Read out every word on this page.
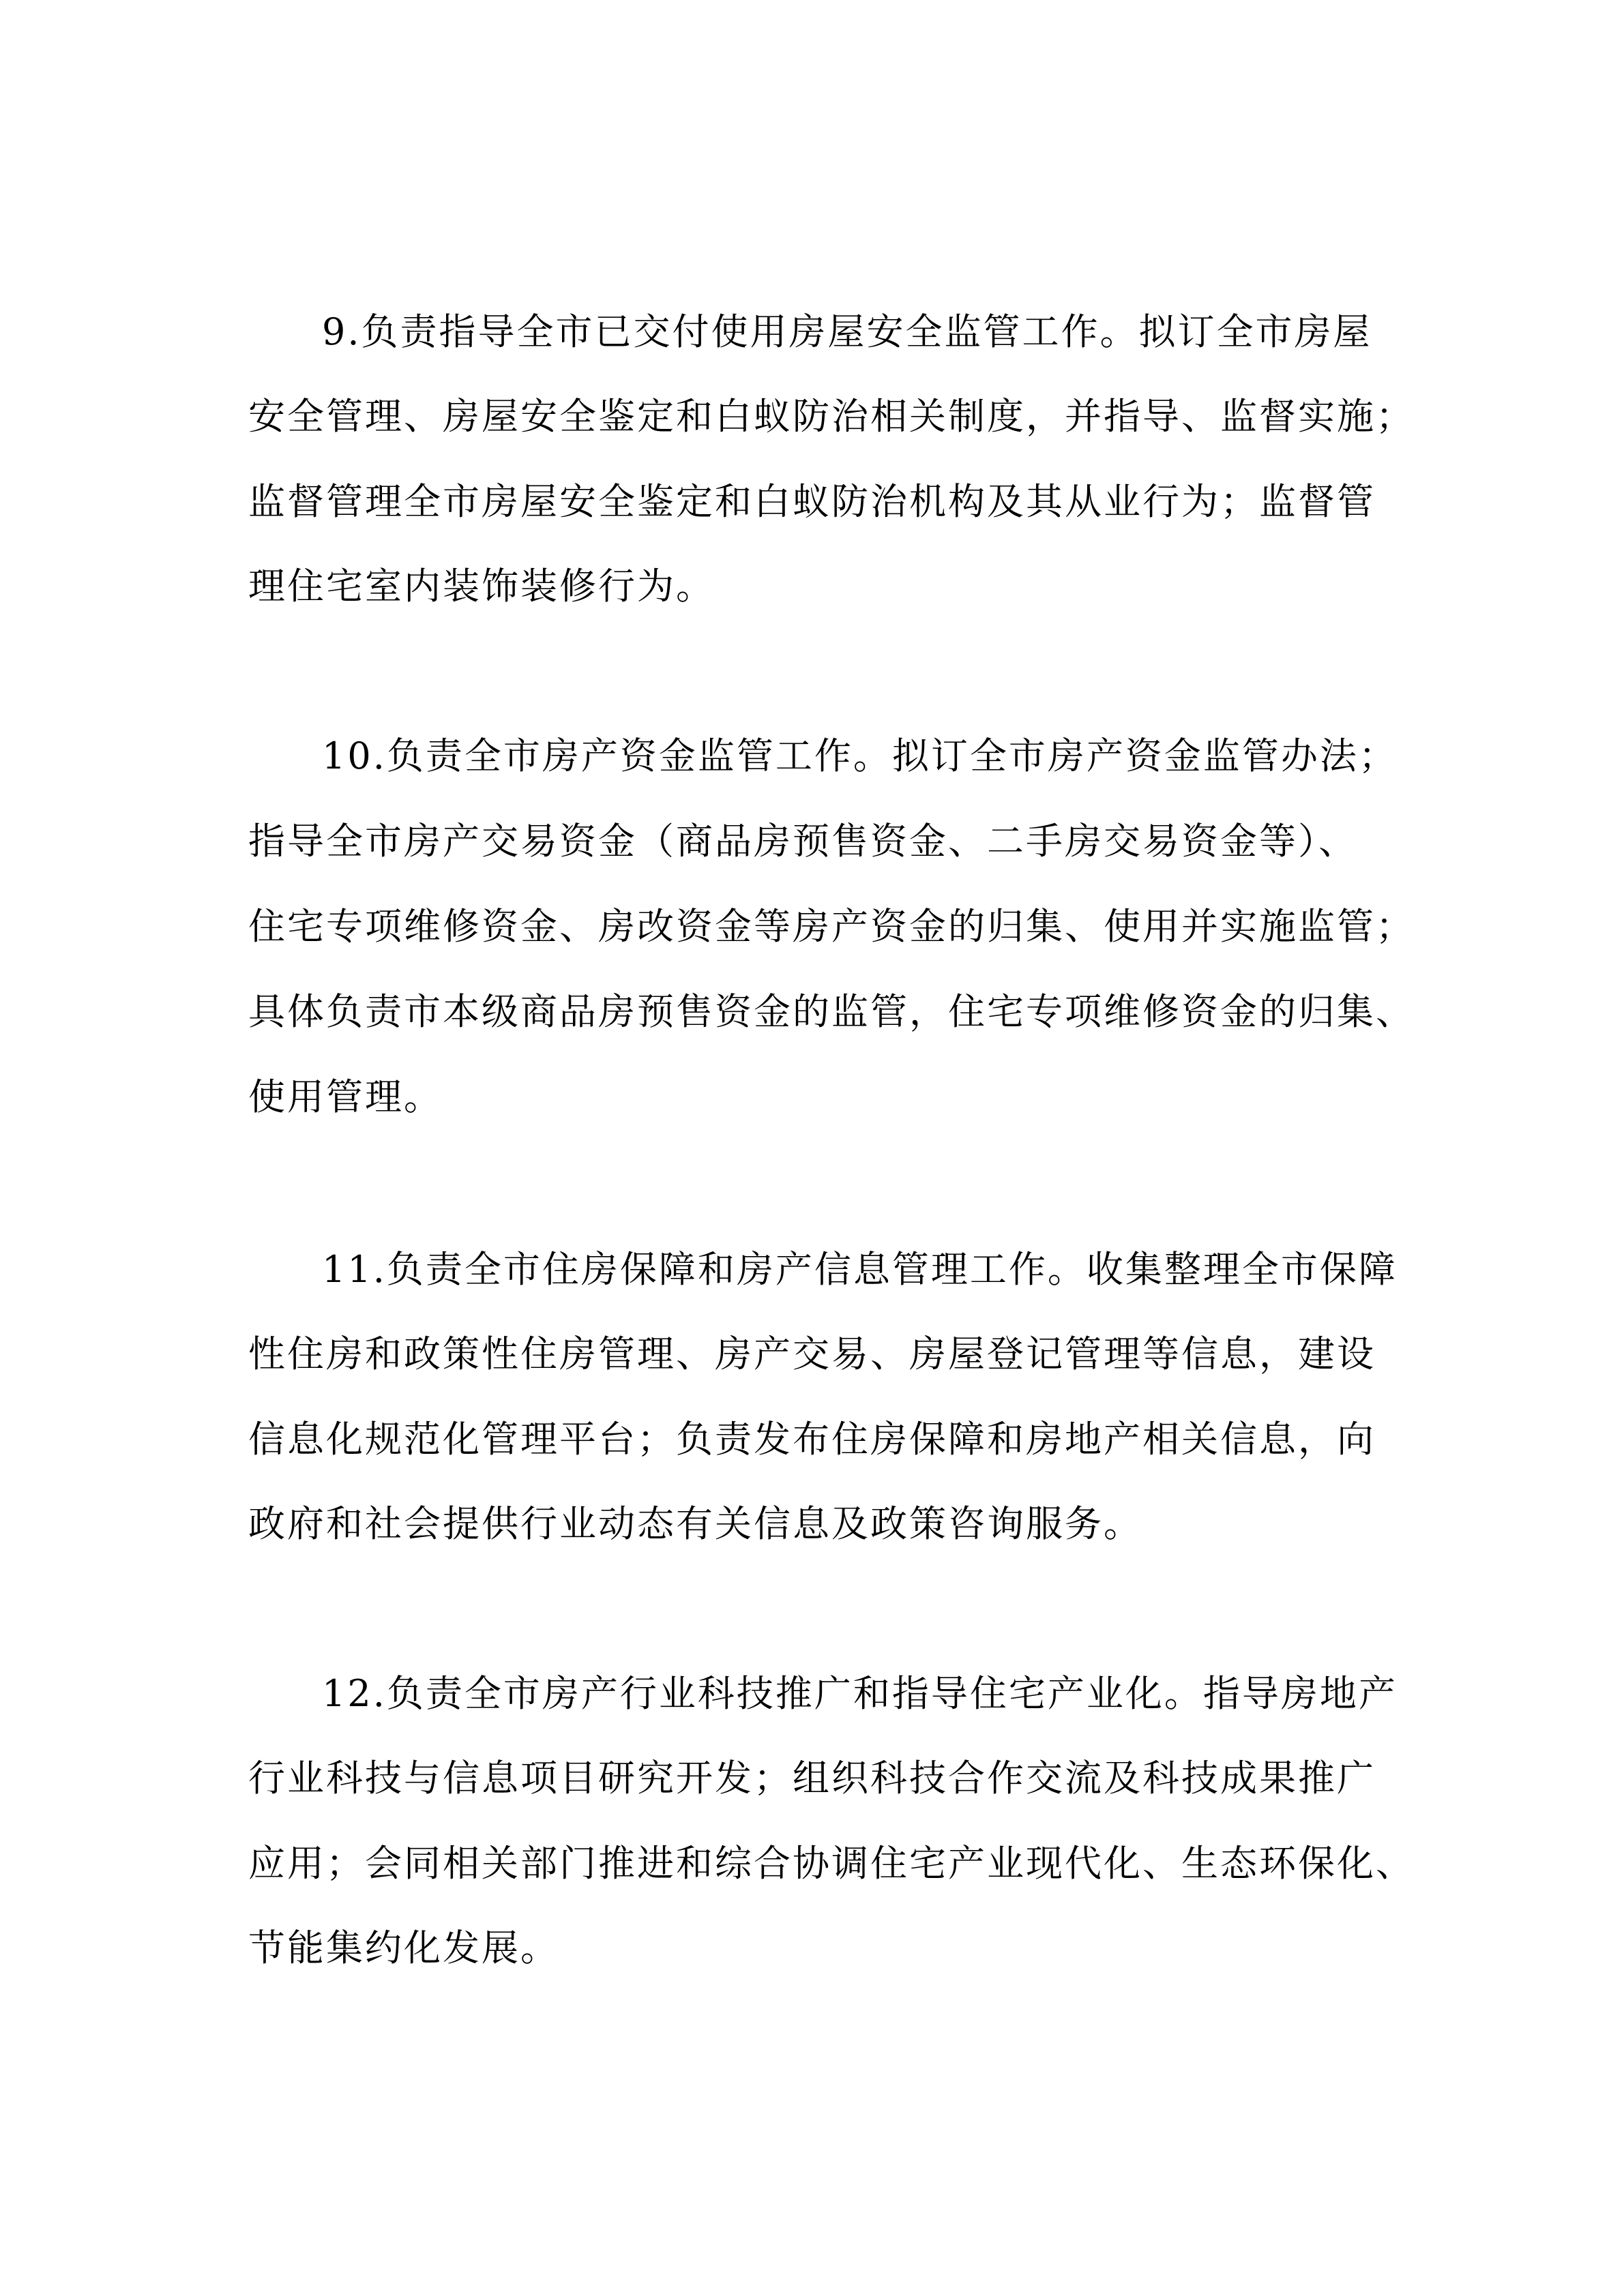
9.负责指导全市已交付使用房屋安全监管工作。拟订全市房屋
安全管理、房屋安全鉴定和白蚁防治相关制度，并指导、监督实施；
监督管理全市房屋安全鉴定和白蚁防治机构及其从业行为；监督管
理住宅室内装饰装修行为。
10.负责全市房产资金监管工作。拟订全市房产资金监管办法；
指导全市房产交易资金（商品房预售资金、二手房交易资金等）、
住宅专项维修资金、房改资金等房产资金的归集、使用并实施监管；
具体负责市本级商品房预售资金的监管，住宅专项维修资金的归集、
使用管理。
11.负责全市住房保障和房产信息管理工作。收集整理全市保障
性住房和政策性住房管理、房产交易、房屋登记管理等信息，建设
信息化规范化管理平台；负责发布住房保障和房地产相关信息，向
政府和社会提供行业动态有关信息及政策咨询服务。
12.负责全市房产行业科技推广和指导住宅产业化。指导房地产
行业科技与信息项目研究开发；组织科技合作交流及科技成果推广
应用；会同相关部门推进和综合协调住宅产业现代化、生态环保化、
节能集约化发展。
